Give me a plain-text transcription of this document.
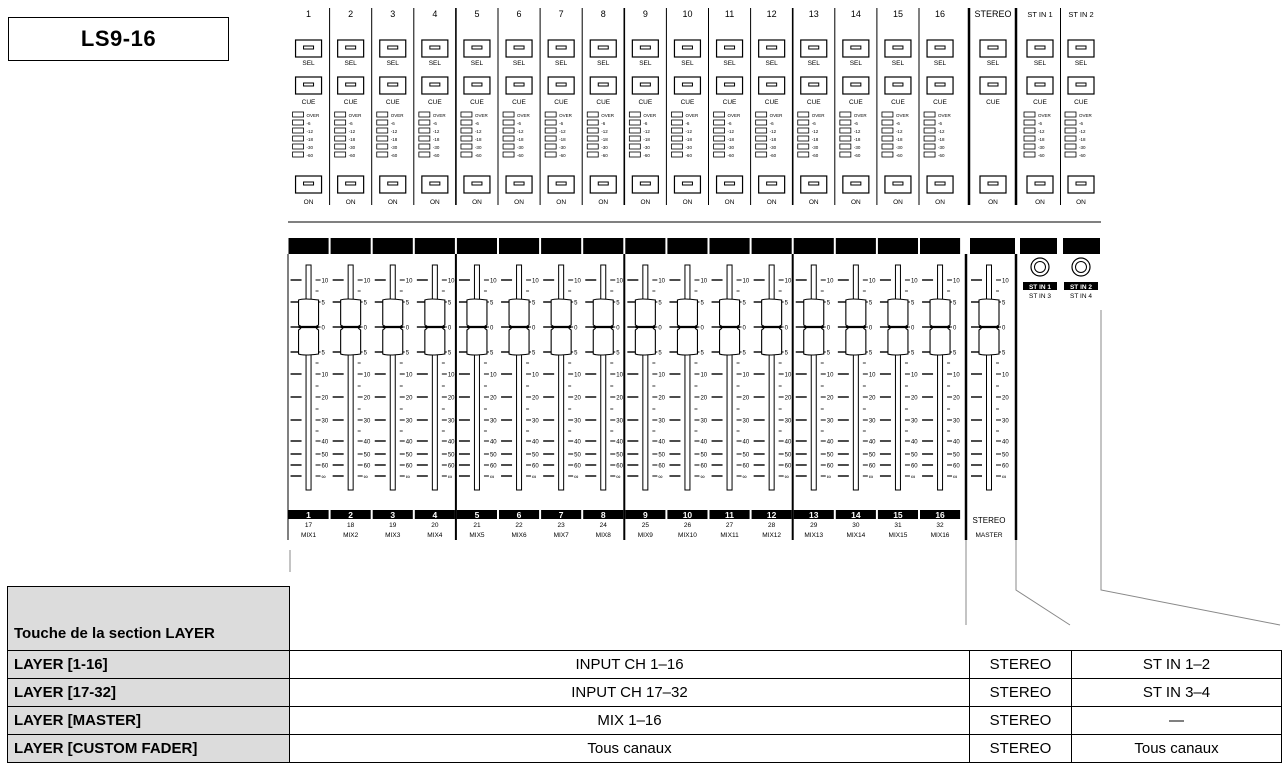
LS9-16
1
SEL
CUE
OVER
-6
-12
-18
-30
-60
ON
2
SEL
CUE
OVER
-6
-12
-18
-30
-60
ON
3
SEL
CUE
OVER
-6
-12
-18
-30
-60
ON
4
SEL
CUE
OVER
-6
-12
-18
-30
-60
ON
5
SEL
CUE
OVER
-6
-12
-18
-30
-60
ON
6
SEL
CUE
OVER
-6
-12
-18
-30
-60
ON
7
SEL
CUE
OVER
-6
-12
-18
-30
-60
ON
8
SEL
CUE
OVER
-6
-12
-18
-30
-60
ON
9
SEL
CUE
OVER
-6
-12
-18
-30
-60
ON
10
SEL
CUE
OVER
-6
-12
-18
-30
-60
ON
11
SEL
CUE
OVER
-6
-12
-18
-30
-60
ON
12
SEL
CUE
OVER
-6
-12
-18
-30
-60
ON
13
SEL
CUE
OVER
-6
-12
-18
-30
-60
ON
14
SEL
CUE
OVER
-6
-12
-18
-30
-60
ON
15
SEL
CUE
OVER
-6
-12
-18
-30
-60
ON
16
SEL
CUE
OVER
-6
-12
-18
-30
-60
ON
STEREO
SEL
CUE
ON
ST IN 1
SEL
CUE
OVER
-6
-12
-18
-30
-60
ON
ST IN 2
SEL
CUE
OVER
-6
-12
-18
-30
-60
ON
10
5
0
5
10
20
30
40
50
60
∞
10
5
0
5
10
20
30
40
50
60
∞
10
5
0
5
10
20
30
40
50
60
∞
10
5
0
5
10
20
30
40
50
60
∞
10
5
0
5
10
20
30
40
50
60
∞
10
5
0
5
10
20
30
40
50
60
∞
10
5
0
5
10
20
30
40
50
60
∞
10
5
0
5
10
20
30
40
50
60
∞
10
5
0
5
10
20
30
40
50
60
∞
10
5
0
5
10
20
30
40
50
60
∞
10
5
0
5
10
20
30
40
50
60
∞
10
5
0
5
10
20
30
40
50
60
∞
10
5
0
5
10
20
30
40
50
60
∞
10
5
0
5
10
20
30
40
50
60
∞
10
5
0
5
10
20
30
40
50
60
∞
10
5
0
5
10
20
30
40
50
60
∞
10
5
0
5
10
20
30
40
50
60
∞
1
17
MIX1
2
18
MIX2
3
19
MIX3
4
20
MIX4
5
21
MIX5
6
22
MIX6
7
23
MIX7
8
24
MIX8
9
25
MIX9
10
26
MIX10
11
27
MIX11
12
28
MIX12
13
29
MIX13
14
30
MIX14
15
31
MIX15
16
32
MIX16
STEREO
MASTER
ST IN 1
ST IN 3
ST IN 2
ST IN 4
Touche de la section LAYER			
LAYER [1-16]	INPUT CH 1–16	STEREO	ST IN 1–2
LAYER [17-32]	INPUT CH 17–32	STEREO	ST IN 3–4
LAYER [MASTER]	MIX 1–16	STEREO	—
LAYER [CUSTOM FADER]	Tous canaux	STEREO	Tous canaux
